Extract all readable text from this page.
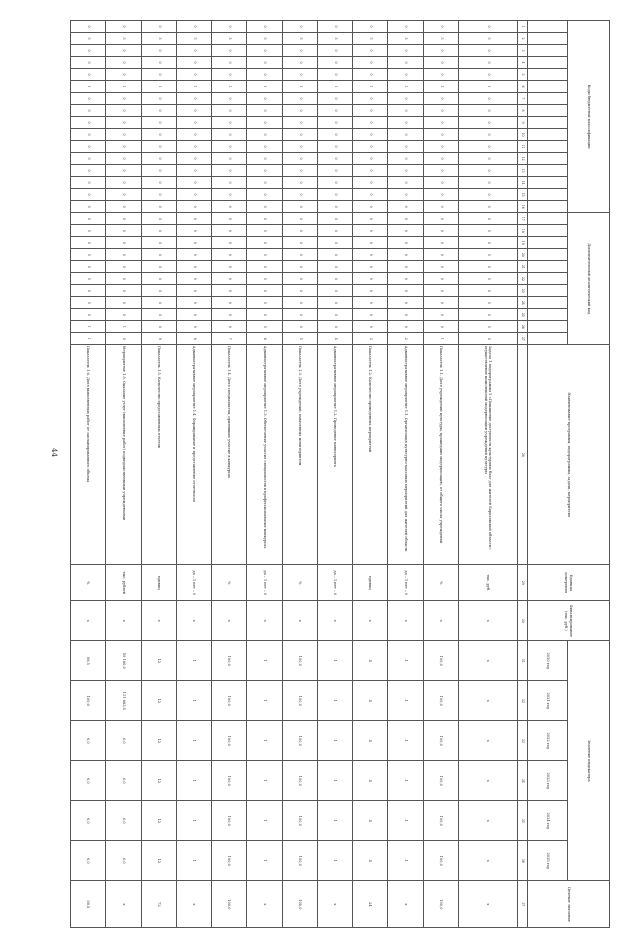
44
Коды бюджетной классификации																Дополнительный аналитический код											Наименование программы, подпрограммы, задачи, мероприятия	Единица измерения	Финансирование (тыс. руб.)	Значение индикатора						Целевое значение
																														2020 год	2021 год	2022 год	2023 год	2024 год	2025 год	
1	2	3	4	5	6	7	8	9	10	11	12	13	14	15	16	17	18	19	20	21	22	23	24	25	26	27	28	29	30	31	32	33	34	35	36	37
0	5	0	0	0	1	0	0	0	0	0	0	0	0	0	0	0	0	0	0	0	0	0	0	0	0	0	Задача 1 подпрограммы 5 «Повышение доступности культурных благ для жителей Борисовской области»: осуществление комплексной модернизации учреждений культуры	тыс. руб.	х	х	х	х	х	х	х	х
0	5	0	0	0	1	0	0	0	0	0	0	0	0	0	0	0	0	0	0	0	0	0	0	0	0	1	Показатель 1.1. Доля учреждений культуры, прошедших модернизацию, от общего числа учреждений	%	х	100,0	100,0	100,0	100,0	100,0	100,0	100,0
0	5	0	0	0	1	0	0	0	0	0	0	0	0	0	0	0	0	0	0	0	0	0	0	0	0	2	Административное мероприятие 1.1. Организация культурно-массовых мероприятий для жителей области	да – 1 нет – 0	х	1	1	1	1	1	1	х
0	5	0	0	0	1	0	0	0	0	0	0	0	0	0	0	0	0	0	0	0	0	0	0	0	0	3	Показатель 1.2. Количество проведенных мероприятий	единиц	х	4	4	4	4	4	4	24
0	5	0	0	0	1	0	0	0	0	0	0	0	0	0	0	0	0	0	0	0	0	0	0	0	0	4	Административное мероприятие 1.2. Проведение мониторинга	да – 1 нет – 0	х	1	1	1	1	1	1	х
0	5	0	0	0	1	0	0	0	0	0	0	0	0	0	0	0	0	0	0	0	0	0	0	0	0	5	Показатель 1.3. Доля учреждений, охваченных мониторингом	%	х	100,0	100,0	100,0	100,0	100,0	100,0	100,0
0	5	0	0	0	1	0	0	0	0	0	0	0	0	0	0	0	0	0	0	0	0	0	0	0	0	6	Административное мероприятие 1.3. Обеспечение участия специалистов в профессиональных конкурсах	да – 1 нет – 0	х	1	1	1	1	1	1	х
0	5	0	0	0	1	0	0	0	0	0	0	0	0	0	0	0	0	0	0	0	0	0	0	0	0	7	Показатель 1.4. Доля специалистов, принявших участие в конкурсах	%	х	100,0	100,0	100,0	100,0	100,0	100,0	100,0
0	5	0	0	0	1	0	0	0	0	0	0	0	0	0	0	0	0	0	0	0	0	0	0	0	0	8	Административное мероприятие 1.4. Формирование и представление отчетности	да – 1 нет – 0	х	1	1	1	1	1	1	х
0	5	0	0	0	1	0	0	0	0	0	0	0	0	0	0	0	0	0	0	0	0	0	0	0	0	9	Показатель 1.5. Количество представленных отчетов	единиц	х	12	12	12	12	12	12	72
0	5	0	0	0	1	0	0	0	0	0	0	0	0	0	0	0	0	0	0	0	0	0	0	0	1	0	Мероприятие 1.5. Оказание услуг (выполнение работ) подведомственными учреждениями	тыс. рублей	х	59 160,0	111 663,5	0,0	0,0	0,0	0,0	х
0	5	0	0	0	1	0	0	0	0	0	0	0	0	0	0	0	0	0	0	0	0	0	0	0	1	1	Показатель 1.6. Доля выполненных работ от запланированного объема	%	х	99,5	100,0	0,0	0,0	0,0	0,0	99,5
